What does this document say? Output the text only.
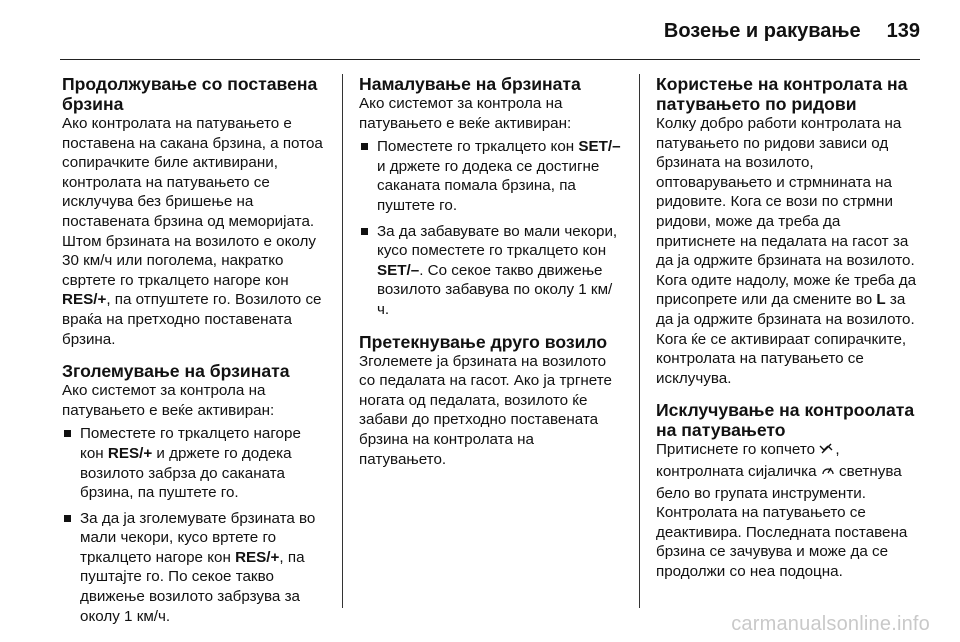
Возење и ракување 139
Продолжување со поставена брзина

Ако контролата на патувањето е поставена на сакана брзина, а потоа сопирачките биле активирани, контролата на патувањето се исклучува без бришење на поставената брзина од меморијата. Штом брзината на возилото е околу 30 км/ч или поголема, накратко свртете го тркалцето нагоре кон RES/+, па отпуштете го. Возилото се враќа на претходно поставената брзина.

Зголемување на брзината

Ако системот за контрола на патувањето е веќе активиран:

Поместете го тркалцето нагоре кон RES/+ и држете го додека возилото забрза до саканата брзина, па пуштете го.
За да ја зголемувате брзината во мали чекори, кусо вртете го тркалцето нагоре кон RES/+, па пуштајте го. По секое такво движење возилото забрзува за околу 1 км/ч.
Намалување на брзината

Ако системот за контрола на патувањето е веќе активиран:

Поместете го тркалцето кон SET/– и држете го додека се достигне саканата помала брзина, па пуштете го.
За да забавувате во мали чекори, кусо поместете го тркалцето кон SET/–. Со секое такво движење возилото забавува по околу 1 км/ч.
Претекнување друго возило

Зголемете ја брзината на возилото со педалата на гасот. Ако ја тргнете ногата од педалата, возилото ќе забави до претходно поставената брзина на контролата на патувањето.

Користење на контролата на патувањето по ридови

Колку добро работи контролата на патувањето по ридови зависи од брзината на возилото, оптоварувањето и стрмнината на ридовите. Кога се вози по стрмни ридови, може да треба да притиснете на педалата на гасот за да ја одржите брзината на возилото. Кога одите надолу, може ќе треба да присопрете или да смените во L за да ја одржите брзината на возилото. Кога ќе се активираат сопирачките, контролата на патувањето се исклучува.

Исклучување на контроолата на патувањето

Притиснете го копчето , контролната сијаличка  светнува бело во групата инструменти. Контролата на патувањето се деактивира. Последната поставена брзина се зачувува и може да се продолжи со неа подоцна.

carmanualsonline.info
